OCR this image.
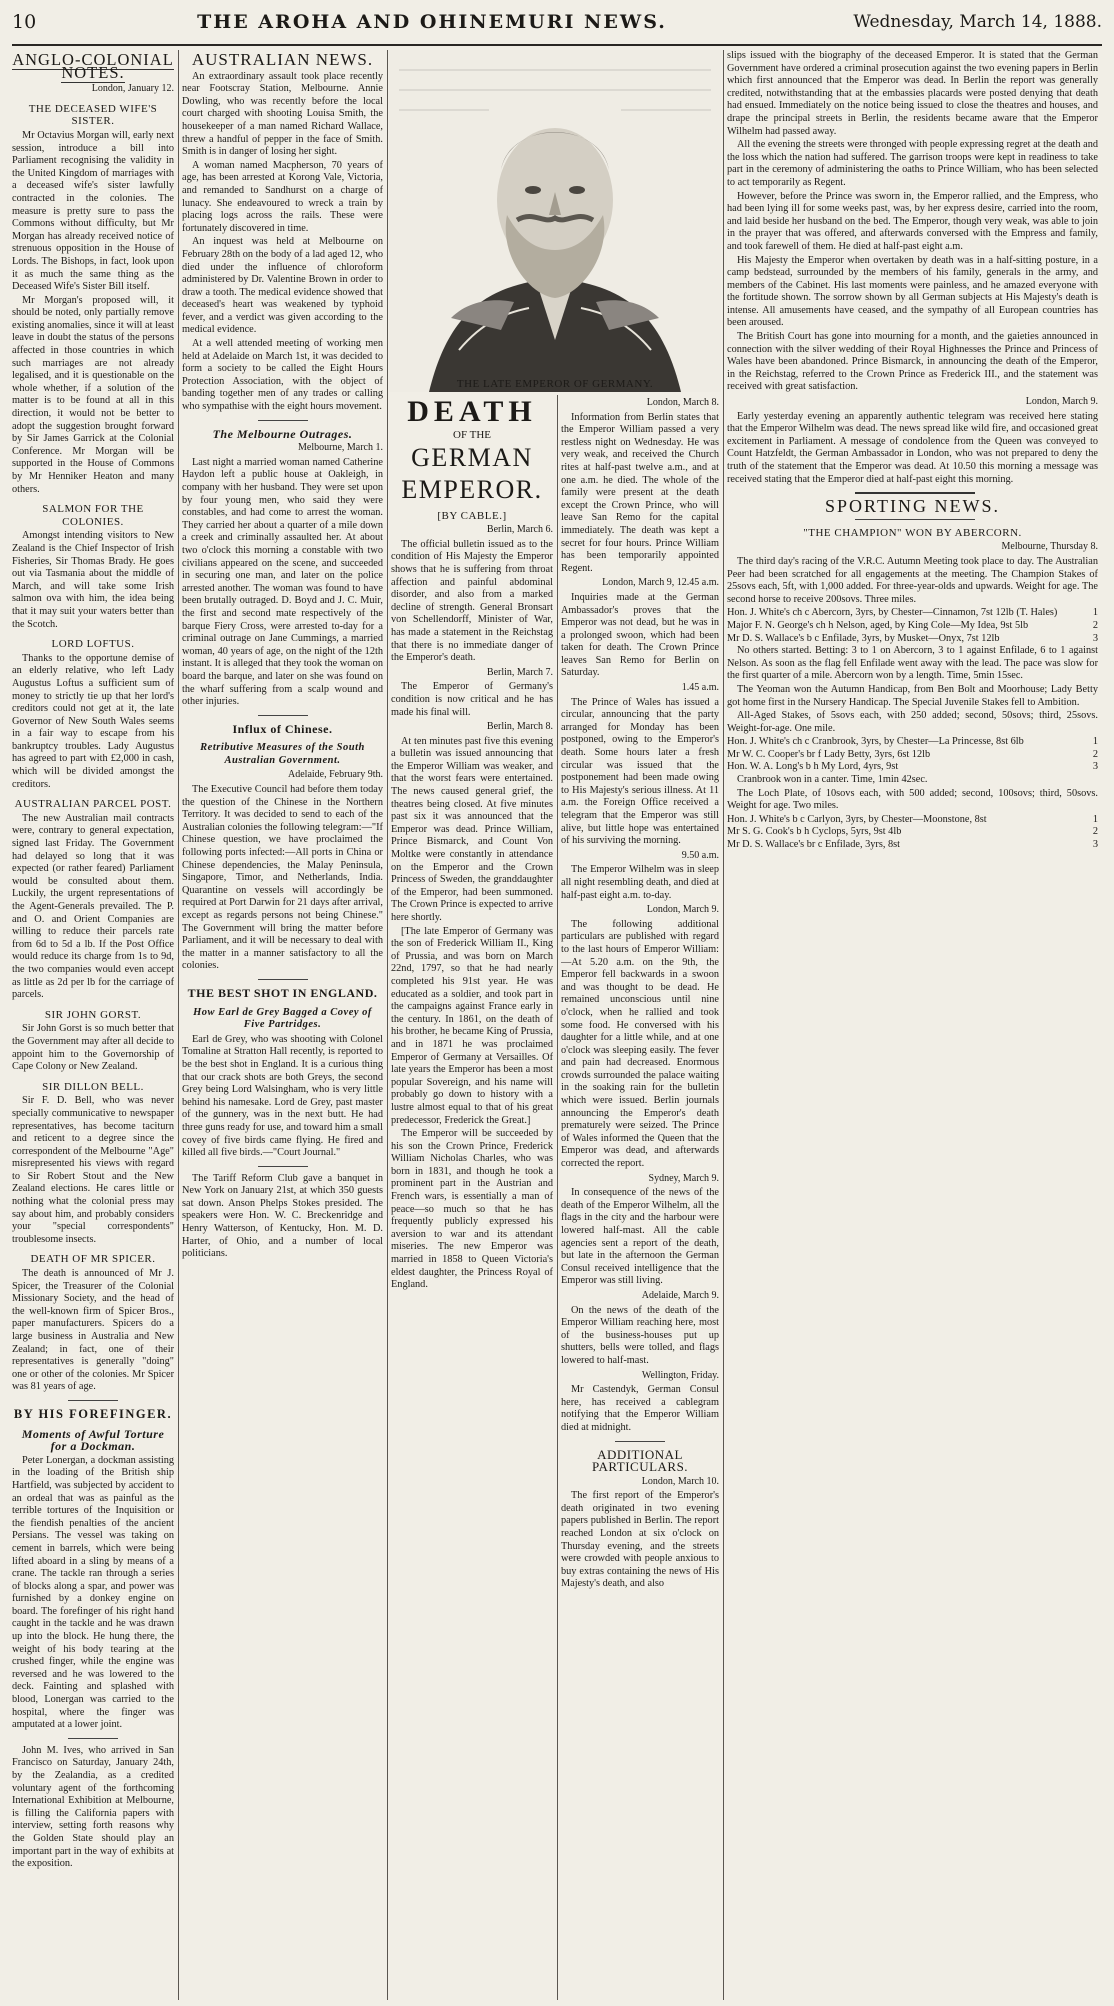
10	THE AROHA AND OHINEMURI NEWS.	Wednesday, March 14, 1888.
ANGLO-COLONIAL NOTES.
London, January 12.
THE DECEASED WIFE'S SISTER.

Mr Octavius Morgan will, early next session, introduce a bill into Parliament recognising the validity in the United Kingdom of marriages with a deceased wife's sister lawfully contracted in the colonies. The measure is pretty sure to pass the Commons without difficulty, but Mr Morgan has already received notice of strenuous opposition in the House of Lords. The Bishops, in fact, look upon it as much the same thing as the Deceased Wife's Sister Bill itself.

Mr Morgan's proposed will, it should be noted, only partially remove existing anomalies, since it will at least leave in doubt the status of the persons affected in those countries in which such marriages are not already legalised, and it is questionable on the whole whether, if a solution of the matter is to be found at all in this direction, it would not be better to adopt the suggestion brought forward by Sir James Garrick at the Colonial Conference. Mr Morgan will be supported in the House of Commons by Mr Henniker Heaton and many others.

SALMON FOR THE COLONIES.

Amongst intending visitors to New Zealand is the Chief Inspector of Irish Fisheries, Sir Thomas Brady. He goes out via Tasmania about the middle of March, and will take some Irish salmon ova with him, the idea being that it may suit your waters better than the Scotch.

LORD LOFTUS.

Thanks to the opportune demise of an elderly relative, who left Lady Augustus Loftus a sufficient sum of money to strictly tie up that her lord's creditors could not get at it, the late Governor of New South Wales seems in a fair way to escape from his bankruptcy troubles. Lady Augustus has agreed to part with £2,000 in cash, which will be divided amongst the creditors.

AUSTRALIAN PARCEL POST.

The new Australian mail contracts were, contrary to general expectation, signed last Friday. The Government had delayed so long that it was expected (or rather feared) Parliament would be consulted about them. Luckily, the urgent representations of the Agent-Generals prevailed. The P. and O. and Orient Companies are willing to reduce their parcels rate from 6d to 5d a lb. If the Post Office would reduce its charge from 1s to 9d, the two companies would even accept as little as 2d per lb for the carriage of parcels.

SIR JOHN GORST.

Sir John Gorst is so much better that the Government may after all decide to appoint him to the Governorship of Cape Colony or New Zealand.

SIR DILLON BELL.

Sir F. D. Bell, who was never specially communicative to newspaper representatives, has become taciturn and reticent to a degree since the correspondent of the Melbourne "Age" misrepresented his views with regard to Sir Robert Stout and the New Zealand elections. He cares little or nothing what the colonial press may say about him, and probably considers your "special correspondents" troublesome insects.

DEATH OF MR SPICER.

The death is announced of Mr J. Spicer, the Treasurer of the Colonial Missionary Society, and the head of the well-known firm of Spicer Bros., paper manufacturers. Spicers do a large business in Australia and New Zealand; in fact, one of their representatives is generally "doing" one or other of the colonies. Mr Spicer was 81 years of age.

BY HIS FOREFINGER.
Moments of Awful Torture for a Dockman.

Peter Lonergan, a dockman assisting in the loading of the British ship Hartfield, was subjected by accident to an ordeal that was as painful as the terrible tortures of the Inquisition or the fiendish penalties of the ancient Persians. The vessel was taking on cement in barrels, which were being lifted aboard in a sling by means of a crane. The tackle ran through a series of blocks along a spar, and power was furnished by a donkey engine on board. The forefinger of his right hand caught in the tackle and he was drawn up into the block. He hung there, the weight of his body tearing at the crushed finger, while the engine was reversed and he was lowered to the deck. Fainting and splashed with blood, Lonergan was carried to the hospital, where the finger was amputated at a lower joint.

John M. Ives, who arrived in San Francisco on Saturday, January 24th, by the Zealandia, as a credited voluntary agent of the forthcoming International Exhibition at Melbourne, is filling the California papers with interview, setting forth reasons why the Golden State should play an important part in the way of exhibits at the exposition.

AUSTRALIAN NEWS.

An extraordinary assault took place recently near Footscray Station, Melbourne. Annie Dowling, who was recently before the local court charged with shooting Louisa Smith, the housekeeper of a man named Richard Wallace, threw a handful of pepper in the face of Smith. Smith is in danger of losing her sight.

A woman named Macpherson, 70 years of age, has been arrested at Korong Vale, Victoria, and remanded to Sandhurst on a charge of lunacy. She endeavoured to wreck a train by placing logs across the rails. These were fortunately discovered in time.

An inquest was held at Melbourne on February 28th on the body of a lad aged 12, who died under the influence of chloroform administered by Dr. Valentine Brown in order to draw a tooth. The medical evidence showed that deceased's heart was weakened by typhoid fever, and a verdict was given according to the medical evidence.

At a well attended meeting of working men held at Adelaide on March 1st, it was decided to form a society to be called the Eight Hours Protection Association, with the object of banding together men of any trades or calling who sympathise with the eight hours movement.

The Melbourne Outrages.
Melbourne, March 1.

Last night a married woman named Catherine Haydon left a public house at Oakleigh, in company with her husband. They were set upon by four young men, who said they were constables, and had come to arrest the woman. They carried her about a quarter of a mile down a creek and criminally assaulted her. At about two o'clock this morning a constable with two civilians appeared on the scene, and succeeded in securing one man, and later on the police arrested another. The woman was found to have been brutally outraged. D. Boyd and J. C. Muir, the first and second mate respectively of the barque Fiery Cross, were arrested to-day for a criminal outrage on Jane Cummings, a married woman, 40 years of age, on the night of the 12th instant. It is alleged that they took the woman on board the barque, and later on she was found on the wharf suffering from a scalp wound and other injuries.

Influx of Chinese.
Retributive Measures of the South Australian Government.
Adelaide, February 9th.

The Executive Council had before them today the question of the Chinese in the Northern Territory. It was decided to send to each of the Australian colonies the following telegram:—"If Chinese question, we have proclaimed the following ports infected:—All ports in China or Chinese dependencies, the Malay Peninsula, Singapore, Timor, and Netherlands, India. Quarantine on vessels will accordingly be required at Port Darwin for 21 days after arrival, except as regards persons not being Chinese." The Government will bring the matter before Parliament, and it will be necessary to deal with the matter in a manner satisfactory to all the colonies.

THE BEST SHOT IN ENGLAND.
How Earl de Grey Bagged a Covey of Five Partridges.

Earl de Grey, who was shooting with Colonel Tomaline at Stratton Hall recently, is reported to be the best shot in England. It is a curious thing that our crack shots are both Greys, the second Grey being Lord Walsingham, who is very little behind his namesake. Lord de Grey, past master of the gunnery, was in the next butt. He had three guns ready for use, and toward him a small covey of five birds came flying. He fired and killed all five birds.—"Court Journal."

The Tariff Reform Club gave a banquet in New York on January 21st, at which 350 guests sat down. Anson Phelps Stokes presided. The speakers were Hon. W. C. Breckenridge and Henry Watterson, of Kentucky, Hon. M. D. Harter, of Ohio, and a number of local politicians.

THE LATE EMPEROR OF GERMANY.
DEATH
OF THE
GERMAN EMPEROR.
[BY CABLE.]
Berlin, March 6.

The official bulletin issued as to the condition of His Majesty the Emperor shows that he is suffering from throat affection and painful abdominal disorder, and also from a marked decline of strength. General Bronsart von Schellendorff, Minister of War, has made a statement in the Reichstag that there is no immediate danger of the Emperor's death.

Berlin, March 7.

The Emperor of Germany's condition is now critical and he has made his final will.

Berlin, March 8.

At ten minutes past five this evening a bulletin was issued announcing that the Emperor William was weaker, and that the worst fears were entertained. The news caused general grief, the theatres being closed. At five minutes past six it was announced that the Emperor was dead. Prince William, Prince Bismarck, and Count Von Moltke were constantly in attendance on the Emperor and the Crown Princess of Sweden, the granddaughter of the Emperor, had been summoned. The Crown Prince is expected to arrive here shortly.

[The late Emperor of Germany was the son of Frederick William II., King of Prussia, and was born on March 22nd, 1797, so that he had nearly completed his 91st year. He was educated as a soldier, and took part in the campaigns against France early in the century. In 1861, on the death of his brother, he became King of Prussia, and in 1871 he was proclaimed Emperor of Germany at Versailles. Of late years the Emperor has been a most popular Sovereign, and his name will probably go down to history with a lustre almost equal to that of his great predecessor, Frederick the Great.]

The Emperor will be succeeded by his son the Crown Prince, Frederick William Nicholas Charles, who was born in 1831, and though he took a prominent part in the Austrian and French wars, is essentially a man of peace—so much so that he has frequently publicly expressed his aversion to war and its attendant miseries. The new Emperor was married in 1858 to Queen Victoria's eldest daughter, the Princess Royal of England.

London, March 8.

Information from Berlin states that the Emperor William passed a very restless night on Wednesday. He was very weak, and received the Church rites at half-past twelve a.m., and at one a.m. he died. The whole of the family were present at the death except the Crown Prince, who will leave San Remo for the capital immediately. The death was kept a secret for four hours. Prince William has been temporarily appointed Regent.

London, March 9, 12.45 a.m.

Inquiries made at the German Ambassador's proves that the Emperor was not dead, but he was in a prolonged swoon, which had been taken for death. The Crown Prince leaves San Remo for Berlin on Saturday.

1.45 a.m.

The Prince of Wales has issued a circular, announcing that the party arranged for Monday has been postponed, owing to the Emperor's death. Some hours later a fresh circular was issued that the postponement had been made owing to His Majesty's serious illness. At 11 a.m. the Foreign Office received a telegram that the Emperor was still alive, but little hope was entertained of his surviving the morning.

9.50 a.m.

The Emperor Wilhelm was in sleep all night resembling death, and died at half-past eight a.m. to-day.

London, March 9.

The following additional particulars are published with regard to the last hours of Emperor William:—At 5.20 a.m. on the 9th, the Emperor fell backwards in a swoon and was thought to be dead. He remained unconscious until nine o'clock, when he rallied and took some food. He conversed with his daughter for a little while, and at one o'clock was sleeping easily. The fever and pain had decreased. Enormous crowds surrounded the palace waiting in the soaking rain for the bulletin which were issued. Berlin journals announcing the Emperor's death prematurely were seized. The Prince of Wales informed the Queen that the Emperor was dead, and afterwards corrected the report.

Sydney, March 9.

In consequence of the news of the death of the Emperor Wilhelm, all the flags in the city and the harbour were lowered half-mast. All the cable agencies sent a report of the death, but late in the afternoon the German Consul received intelligence that the Emperor was still living.

Adelaide, March 9.

On the news of the death of the Emperor William reaching here, most of the business-houses put up shutters, bells were tolled, and flags lowered to half-mast.

Wellington, Friday.

Mr Castendyk, German Consul here, has received a cablegram notifying that the Emperor William died at midnight.

ADDITIONAL PARTICULARS.
London, March 10.

The first report of the Emperor's death originated in two evening papers published in Berlin. The report reached London at six o'clock on Thursday evening, and the streets were crowded with people anxious to buy extras containing the news of His Majesty's death, and also

slips issued with the biography of the deceased Emperor. It is stated that the German Government have ordered a criminal prosecution against the two evening papers in Berlin which first announced that the Emperor was dead. In Berlin the report was generally credited, notwithstanding that at the embassies placards were posted denying that death had ensued. Immediately on the notice being issued to close the theatres and houses, and drape the principal streets in Berlin, the residents became aware that the Emperor Wilhelm had passed away.

All the evening the streets were thronged with people expressing regret at the death and the loss which the nation had suffered. The garrison troops were kept in readiness to take part in the ceremony of administering the oaths to Prince William, who has been selected to act temporarily as Regent.

However, before the Prince was sworn in, the Emperor rallied, and the Empress, who had been lying ill for some weeks past, was, by her express desire, carried into the room, and laid beside her husband on the bed. The Emperor, though very weak, was able to join in the prayer that was offered, and afterwards conversed with the Empress and family, and took farewell of them. He died at half-past eight a.m.

His Majesty the Emperor when overtaken by death was in a half-sitting posture, in a camp bedstead, surrounded by the members of his family, generals in the army, and members of the Cabinet. His last moments were painless, and he amazed everyone with the fortitude shown. The sorrow shown by all German subjects at His Majesty's death is intense. All amusements have ceased, and the sympathy of all European countries has been aroused.

The British Court has gone into mourning for a month, and the gaieties announced in connection with the silver wedding of their Royal Highnesses the Prince and Princess of Wales have been abandoned. Prince Bismarck, in announcing the death of the Emperor, in the Reichstag, referred to the Crown Prince as Frederick III., and the statement was received with great satisfaction.

London, March 9.

Early yesterday evening an apparently authentic telegram was received here stating that the Emperor Wilhelm was dead. The news spread like wild fire, and occasioned great excitement in Parliament. A message of condolence from the Queen was conveyed to Count Hatzfeldt, the German Ambassador in London, who was not prepared to deny the truth of the statement that the Emperor was dead. At 10.50 this morning a message was received stating that the Emperor died at half-past eight this morning.

SPORTING NEWS.
"THE CHAMPION" WON BY ABERCORN.
Melbourne, Thursday 8.

The third day's racing of the V.R.C. Autumn Meeting took place to day. The Australian Peer had been scratched for all engagements at the meeting. The Champion Stakes of 25sovs each, 5ft, with 1,000 added. For three-year-olds and upwards. Weight for age. The second horse to receive 200sovs. Three miles.

Hon. J. White's ch c Abercorn, 3yrs, by Chester—Cinnamon, 7st 12lb (T. Hales)	1
Major F. N. George's ch h Nelson, aged, by King Cole—My Idea, 9st 5lb	2
Mr D. S. Wallace's b c Enfilade, 3yrs, by Musket—Onyx, 7st 12lb	3

No others started. Betting: 3 to 1 on Abercorn, 3 to 1 against Enfilade, 6 to 1 against Nelson. As soon as the flag fell Enfilade went away with the lead. The pace was slow for the first quarter of a mile. Abercorn won by a length. Time, 5min 15sec.

The Yeoman won the Autumn Handicap, from Ben Bolt and Moorhouse; Lady Betty got home first in the Nursery Handicap. The Special Juvenile Stakes fell to Ambition.

All-Aged Stakes, of 5sovs each, with 250 added; second, 50sovs; third, 25sovs. Weight-for-age. One mile.

Hon. J. White's ch c Cranbrook, 3yrs, by Chester—La Princesse, 8st 6lb	1
Mr W. C. Cooper's br f Lady Betty, 3yrs, 6st 12lb	2
Hon. W. A. Long's b h My Lord, 4yrs, 9st	3

Cranbrook won in a canter. Time, 1min 42sec.

The Loch Plate, of 10sovs each, with 500 added; second, 100sovs; third, 50sovs. Weight for age. Two miles.

Hon. J. White's b c Carlyon, 3yrs, by Chester—Moonstone, 8st	1
Mr S. G. Cook's b h Cyclops, 5yrs, 9st 4lb	2
Mr D. S. Wallace's br c Enfilade, 3yrs, 8st	3
